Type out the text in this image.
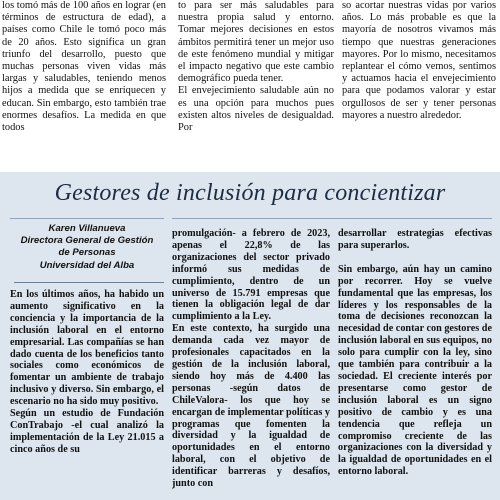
los tomó más de 100 años en lograr (en términos de estructura de edad), a países como Chile le tomó poco más de 20 años. Esto significa un gran triunfo del desarrollo, puesto que muchas personas viven vidas más largas y saludables, teniendo menos hijos a medida que se enriquecen y educan. Sin embargo, esto también trae enormes desafíos. La medida en que todos

to para ser más saludables para nuestra propia salud y entorno. Tomar mejores decisiones en estos ámbitos permitirá tener un mejor uso de este fenómeno mundial y mitigar el impacto negativo que este cambio demográfico pueda tener.

El envejecimiento saludable aún no es una opción para muchos pues existen altos niveles de desigualdad. Por

so acortar nuestras vidas por varios años. Lo más probable es que la mayoría de nosotros vivamos más tiempo que nuestras generaciones mayores. Por lo mismo, necesitamos replantear el cómo vemos, sentimos y actuamos hacia el envejecimiento para que podamos valorar y estar orgullosos de ser y tener personas mayores a nuestro alrededor.

Gestores de inclusión para concientizar
Karen Villanueva
Directora General de Gestión
de Personas
Universidad del Alba

En los últimos años, ha habido un aumento significativo en la conciencia y la importancia de la inclusión laboral en el entorno empresarial. Las compañías se han dado cuenta de los beneficios tanto sociales como económicos de fomentar un ambiente de trabajo inclusivo y diverso. Sin embargo, el escenario no ha sido muy positivo.

Según un estudio de Fundación ConTrabajo -el cual analizó la implementación de la Ley 21.015 a cinco años de su

promulgación- a febrero de 2023, apenas el 22,8% de las organizaciones del sector privado informó sus medidas de cumplimiento, dentro de un universo de 15.791 empresas que tienen la obligación legal de dar cumplimiento a la Ley.

En este contexto, ha surgido una demanda cada vez mayor de profesionales capacitados en la gestión de la inclusión laboral, siendo hoy más de 4.400 las personas -según datos de ChileValora- los que hoy se encargan de implementar políticas y programas que fomenten la diversidad y la igualdad de oportunidades en el entorno laboral, con el objetivo de identificar barreras y desafíos, junto con

desarrollar estrategias efectivas para superarlos.

Sin embargo, aún hay un camino por recorrer. Hoy se vuelve fundamental que las empresas, los líderes y los responsables de la toma de decisiones reconozcan la necesidad de contar con gestores de inclusión laboral en sus equipos, no solo para cumplir con la ley, sino que también para contribuir a la sociedad. El creciente interés por presentarse como gestor de inclusión laboral es un signo positivo de cambio y es una tendencia que refleja un compromiso creciente de las organizaciones con la diversidad y la igualdad de oportunidades en el entorno laboral.
